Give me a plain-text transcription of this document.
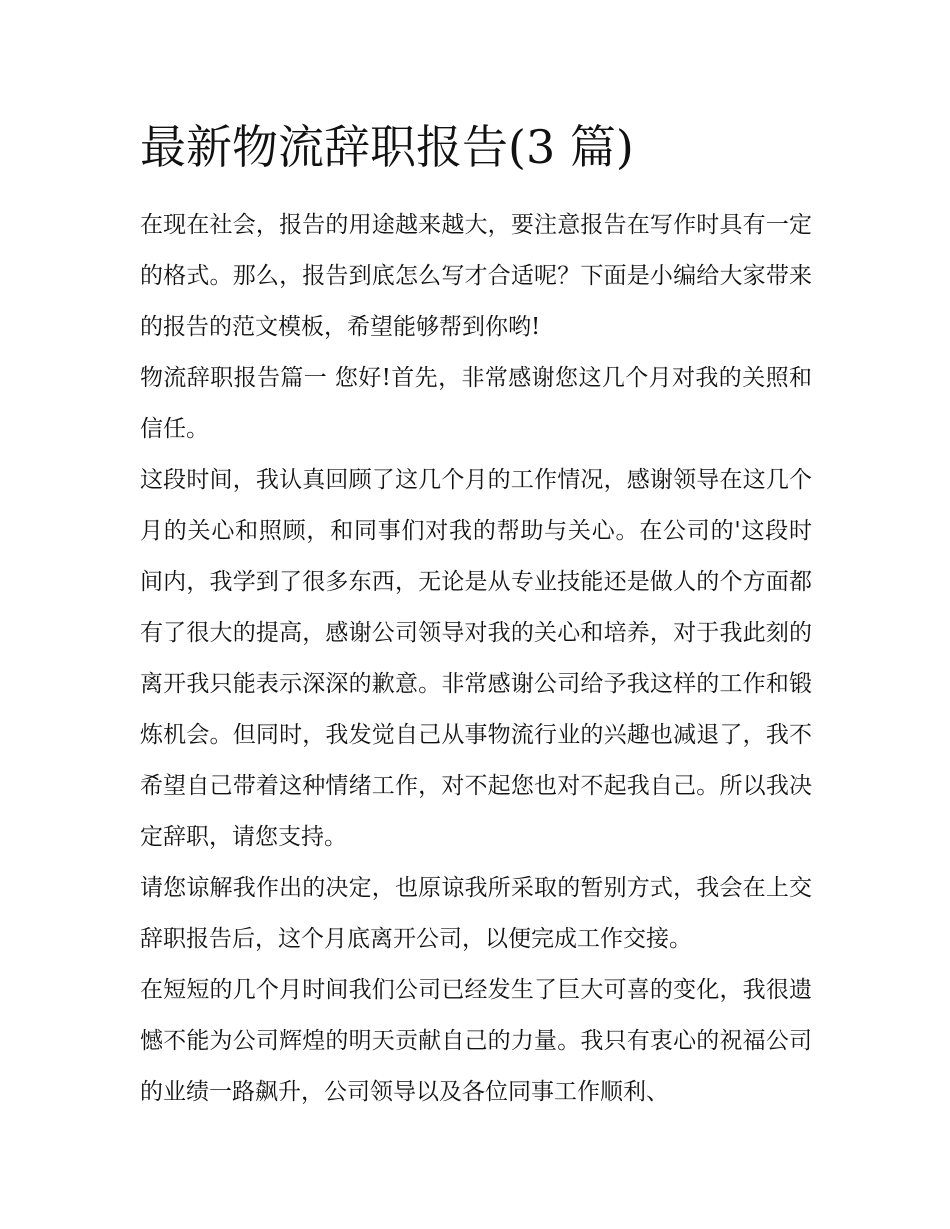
最新物流辞职报告(3 篇)

在现在社会，报告的用途越来越大，要注意报告在写作时具有一定的格式。那么，报告到底怎么写才合适呢？下面是小编给大家带来的报告的范文模板，希望能够帮到你哟!

物流辞职报告篇一 您好!首先，非常感谢您这几个月对我的关照和信任。

这段时间，我认真回顾了这几个月的工作情况，感谢领导在这几个月的关心和照顾，和同事们对我的帮助与关心。在公司的'这段时间内，我学到了很多东西，无论是从专业技能还是做人的个方面都有了很大的提高，感谢公司领导对我的关心和培养，对于我此刻的离开我只能表示深深的歉意。非常感谢公司给予我这样的工作和锻炼机会。但同时，我发觉自己从事物流行业的兴趣也减退了，我不希望自己带着这种情绪工作，对不起您也对不起我自己。所以我决定辞职，请您支持。

请您谅解我作出的决定，也原谅我所采取的暂别方式，我会在上交辞职报告后，这个月底离开公司，以便完成工作交接。

在短短的几个月时间我们公司已经发生了巨大可喜的变化，我很遗憾不能为公司辉煌的明天贡献自己的力量。我只有衷心的祝福公司的业绩一路飙升，公司领导以及各位同事工作顺利、
